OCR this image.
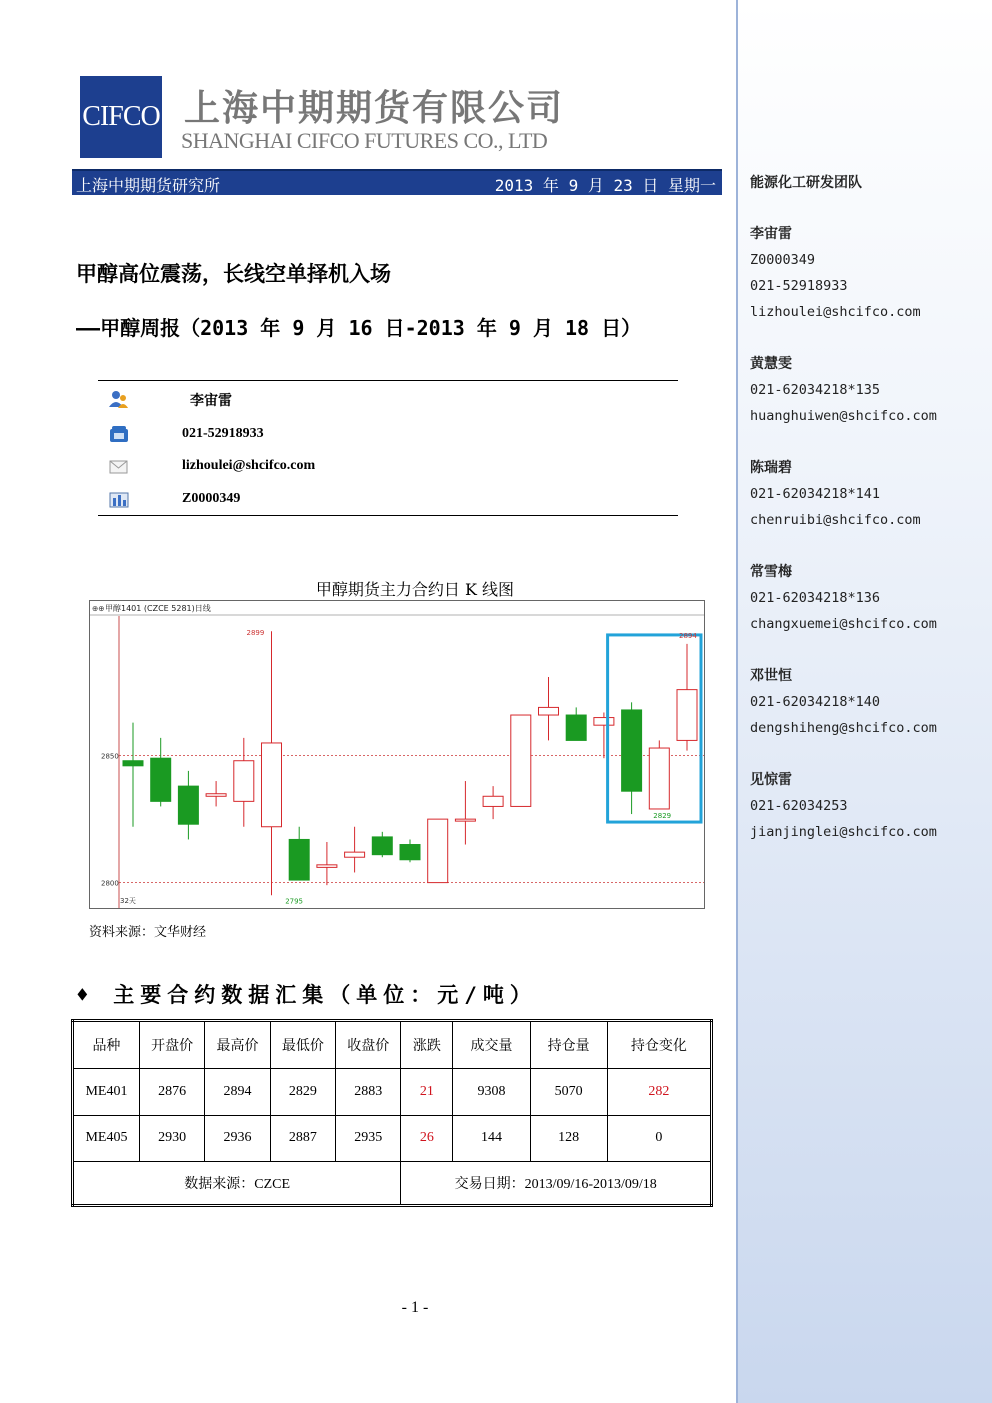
能源化工研发团队
李宙雷
Z0000349
021-52918933
lizhoulei@shcifco.com
黄慧雯
021-62034218*135
huanghuiwen@shcifco.com
陈瑞碧
021-62034218*141
chenruibi@shcifco.com
常雪梅
021-62034218*136
changxuemei@shcifco.com
邓世恒
021-62034218*140
dengshiheng@shcifco.com
见惊雷
021-62034253
jianjinglei@shcifco.com
CIFCO 上海中期期货有限公司
SHANGHAI CIFCO FUTURES CO., LTD
上海中期期货研究所	2013 年 9 月 23 日 星期一
甲醇高位震荡，长线空单择机入场
——甲醇周报（2013 年 9 月 16 日-2013 年 9 月 18 日）
李宙雷
021-52918933
lizhoulei@shcifco.com
Z0000349
甲醇期货主力合约日 K 线图
⊕⊕ 甲醇1401 (CZCE 5281)日线
2800
2850
2899
2795
2894
2829
32天
资料来源：文华财经
♦ 主要合约数据汇集（单位：元/吨）
品种	开盘价	最高价	最低价	收盘价	涨跌	成交量	持仓量	持仓变化
ME401	2876	2894	2829	2883	21	9308	5070	282
ME405	2930	2936	2887	2935	26	144	128	0
数据来源：CZCE					交易日期：2013/09/16-2013/09/18			
- 1 -
